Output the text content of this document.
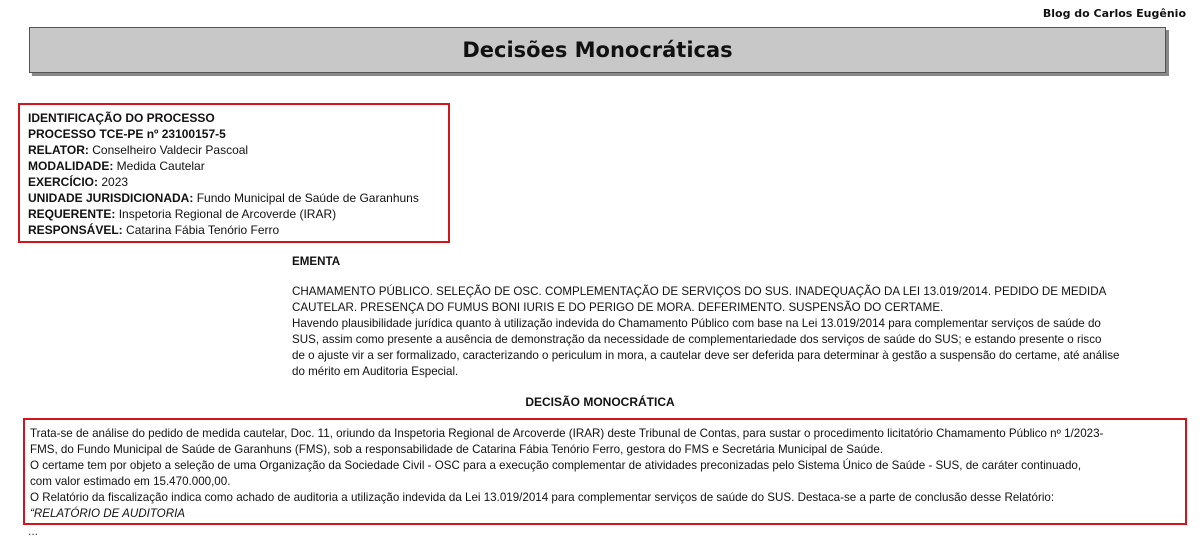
Blog do Carlos Eugênio
Decisões Monocráticas
IDENTIFICAÇÃO DO PROCESSO
PROCESSO TCE-PE nº 23100157-5
RELATOR: Conselheiro Valdecir Pascoal
MODALIDADE: Medida Cautelar
EXERCÍCIO: 2023
UNIDADE JURISDICIONADA: Fundo Municipal de Saúde de Garanhuns
REQUERENTE: Inspetoria Regional de Arcoverde (IRAR)
RESPONSÁVEL: Catarina Fábia Tenório Ferro
EMENTA

CHAMAMENTO PÚBLICO. SELEÇÃO DE OSC. COMPLEMENTAÇÃO DE SERVIÇOS DO SUS. INADEQUAÇÃO DA LEI 13.019/2014. PEDIDO DE MEDIDA

CAUTELAR. PRESENÇA DO FUMUS BONI IURIS E DO PERIGO DE MORA. DEFERIMENTO. SUSPENSÃO DO CERTAME.

Havendo plausibilidade jurídica quanto à utilização indevida do Chamamento Público com base na Lei 13.019/2014 para complementar serviços de saúde do

SUS, assim como presente a ausência de demonstração da necessidade de complementariedade dos serviços de saúde do SUS; e estando presente o risco

de o ajuste vir a ser formalizado, caracterizando o periculum in mora, a cautelar deve ser deferida para determinar à gestão a suspensão do certame, até análise

do mérito em Auditoria Especial.

DECISÃO MONOCRÁTICA

Trata-se de análise do pedido de medida cautelar, Doc. 11, oriundo da Inspetoria Regional de Arcoverde (IRAR) deste Tribunal de Contas, para sustar o procedimento licitatório Chamamento Público nº 1/2023-

FMS, do Fundo Municipal de Saúde de Garanhuns (FMS), sob a responsabilidade de Catarina Fábia Tenório Ferro, gestora do FMS e Secretária Municipal de Saúde.

O certame tem por objeto a seleção de uma Organização da Sociedade Civil - OSC para a execução complementar de atividades preconizadas pelo Sistema Único de Saúde - SUS, de caráter continuado,

com valor estimado em 15.470.000,00.

O Relatório da fiscalização indica como achado de auditoria a utilização indevida da Lei 13.019/2014 para complementar serviços de saúde do SUS. Destaca-se a parte de conclusão desse Relatório:

“RELATÓRIO DE AUDITORIA

...
